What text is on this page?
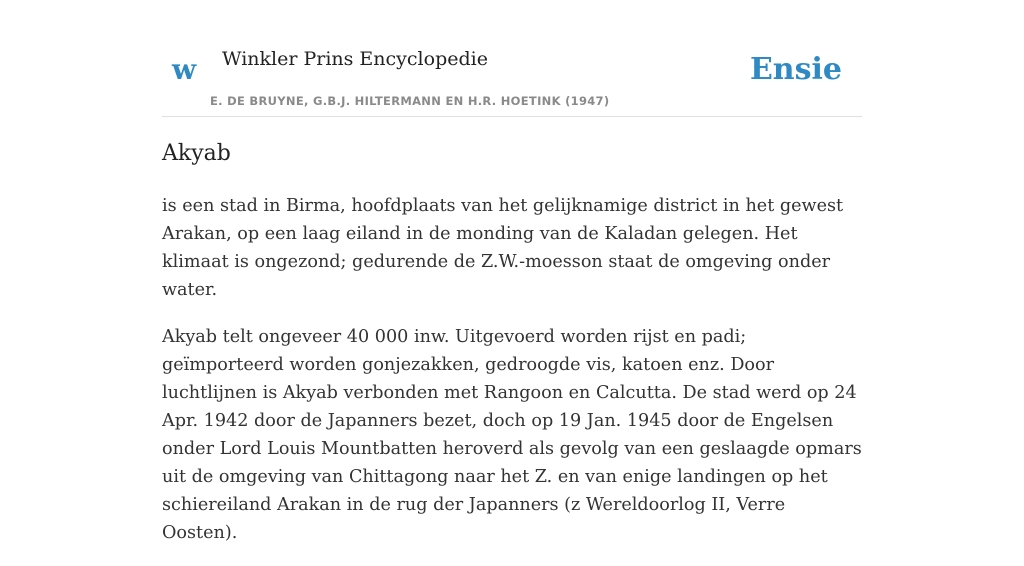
w Winkler Prins Encyclopedie
E. DE BRUYNE, G.B.J. HILTERMANN EN H.R. HOETINK (1947)
Ensie
Akyab

is een stad in Birma, hoofdplaats van het gelijknamige district in het gewest Arakan, op een laag eiland in de monding van de Kaladan gelegen. Het klimaat is ongezond; gedurende de Z.W.-moesson staat de omgeving onder water.

Akyab telt ongeveer 40 000 inw. Uitgevoerd worden rijst en padi; geïmporteerd worden gonjezakken, gedroogde vis, katoen enz. Door luchtlijnen is Akyab verbonden met Rangoon en Calcutta. De stad werd op 24 Apr. 1942 door de Japanners bezet, doch op 19 Jan. 1945 door de Engelsen onder Lord Louis Mountbatten heroverd als gevolg van een geslaagde opmars uit de omgeving van Chittagong naar het Z. en van enige landingen op het schiereiland Arakan in de rug der Japanners (z Wereldoorlog II, Verre Oosten).
